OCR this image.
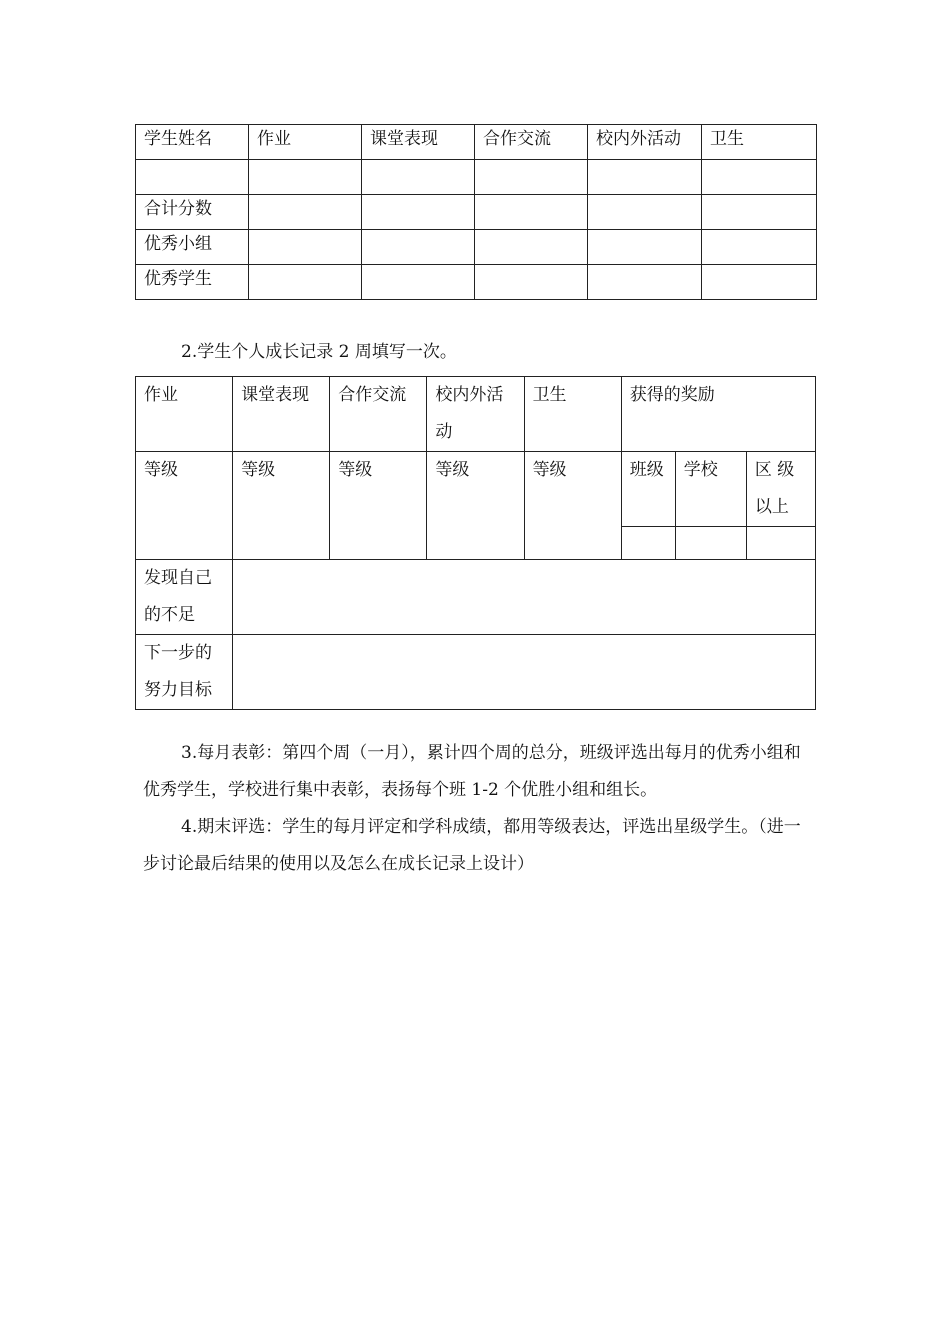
学生姓名	作业	课堂表现	合作交流	校内外活动	卫生

合计分数					
优秀小组					
优秀学生					

2.学生个人成长记录 2 周填写一次。

作业	课堂表现	合作交流	校内外活动	卫生	获得的奖励		
等级	等级	等级	等级	等级	班级	学校	区 级以上

发现自己的不足							
下一步的努力目标							

3.每月表彰：第四个周（一月），累计四个周的总分，班级评选出每月的优秀小组和优秀学生，学校进行集中表彰，表扬每个班 1-2 个优胜小组和组长。

4.期末评选：学生的每月评定和学科成绩，都用等级表达，评选出星级学生。（进一步讨论最后结果的使用以及怎么在成长记录上设计）
